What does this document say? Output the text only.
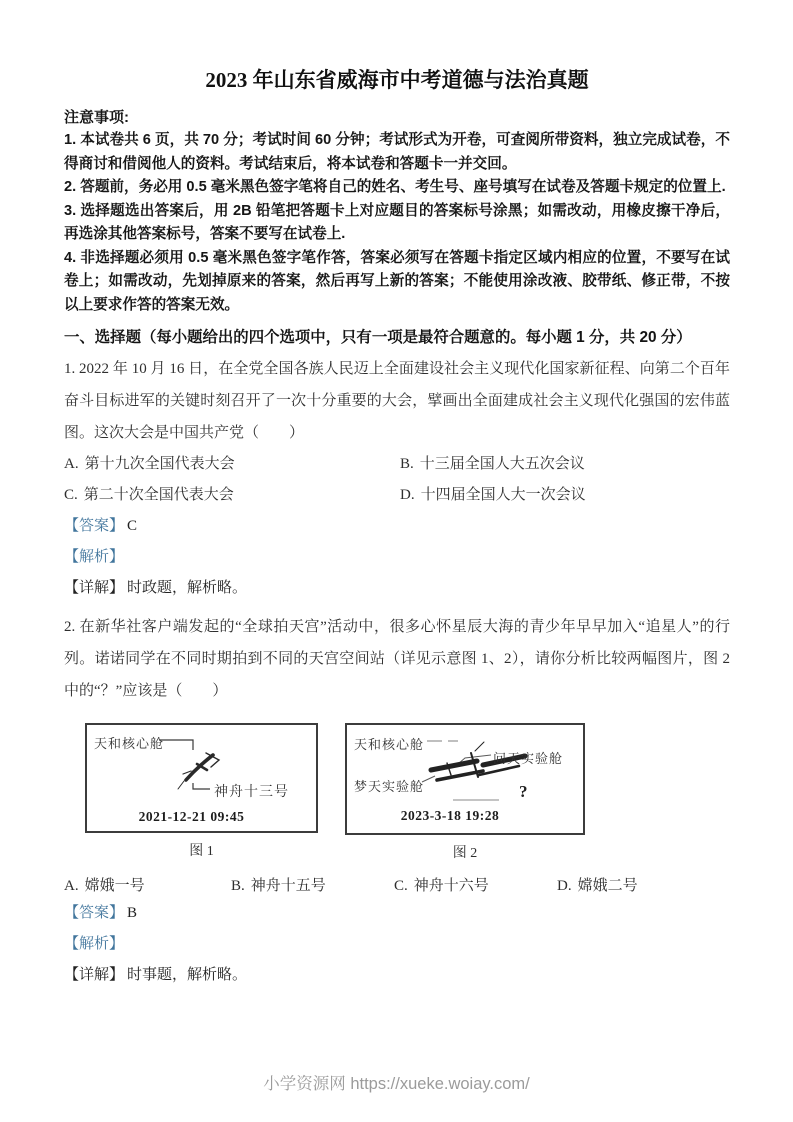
2023 年山东省威海市中考道德与法治真题

注意事项:

1. 本试卷共 6 页，共 70 分；考试时间 60 分钟；考试形式为开卷，可查阅所带资料，独立完成试卷，不得商讨和借阅他人的资料。考试结束后，将本试卷和答题卡一并交回。

2. 答题前，务必用 0.5 毫米黑色签字笔将自己的姓名、考生号、座号填写在试卷及答题卡规定的位置上.

3. 选择题选出答案后，用 2B 铅笔把答题卡上对应题目的答案标号涂黑；如需改动，用橡皮擦干净后，再选涂其他答案标号，答案不要写在试卷上.

4. 非选择题必须用 0.5 毫米黑色签字笔作答，答案必须写在答题卡指定区域内相应的位置，不要写在试卷上；如需改动，先划掉原来的答案，然后再写上新的答案；不能使用涂改液、胶带纸、修正带，不按以上要求作答的答案无效。

一、选择题（每小题给出的四个选项中，只有一项是最符合题意的。每小题 1 分，共 20 分）

1. 2022 年 10 月 16 日，在全党全国各族人民迈上全面建设社会主义现代化国家新征程、向第二个百年奋斗目标进军的关键时刻召开了一次十分重要的大会，擘画出全面建成社会主义现代化强国的宏伟蓝图。这次大会是中国共产党（　　）

A. 第十九次全国代表大会	B. 十三届全国人大五次会议
C. 第二十次全国代表大会	D. 十四届全国人大一次会议

【答案】 C

【解析】

【详解】 时政题，解析略。

2. 在新华社客户端发起的“全球拍天宫”活动中，很多心怀星辰大海的青少年早早加入“追星人”的行列。诺诺同学在不同时期拍到不同的天宫空间站（详见示意图 1、2），请你分析比较两幅图片，图 2 中的“？”应该是（　　）

天和核心舱
神舟十三号
2021-12-21 09:45
图 1
天和核心舱
问天实验舱
梦天实验舱	?
2023-3-18 19:28
图 2
A. 嫦娥一号	B. 神舟十五号	C. 神舟十六号	D. 嫦娥二号

【答案】 B

【解析】

【详解】 时事题，解析略。

小学资源网 https://xueke.woiay.com/
